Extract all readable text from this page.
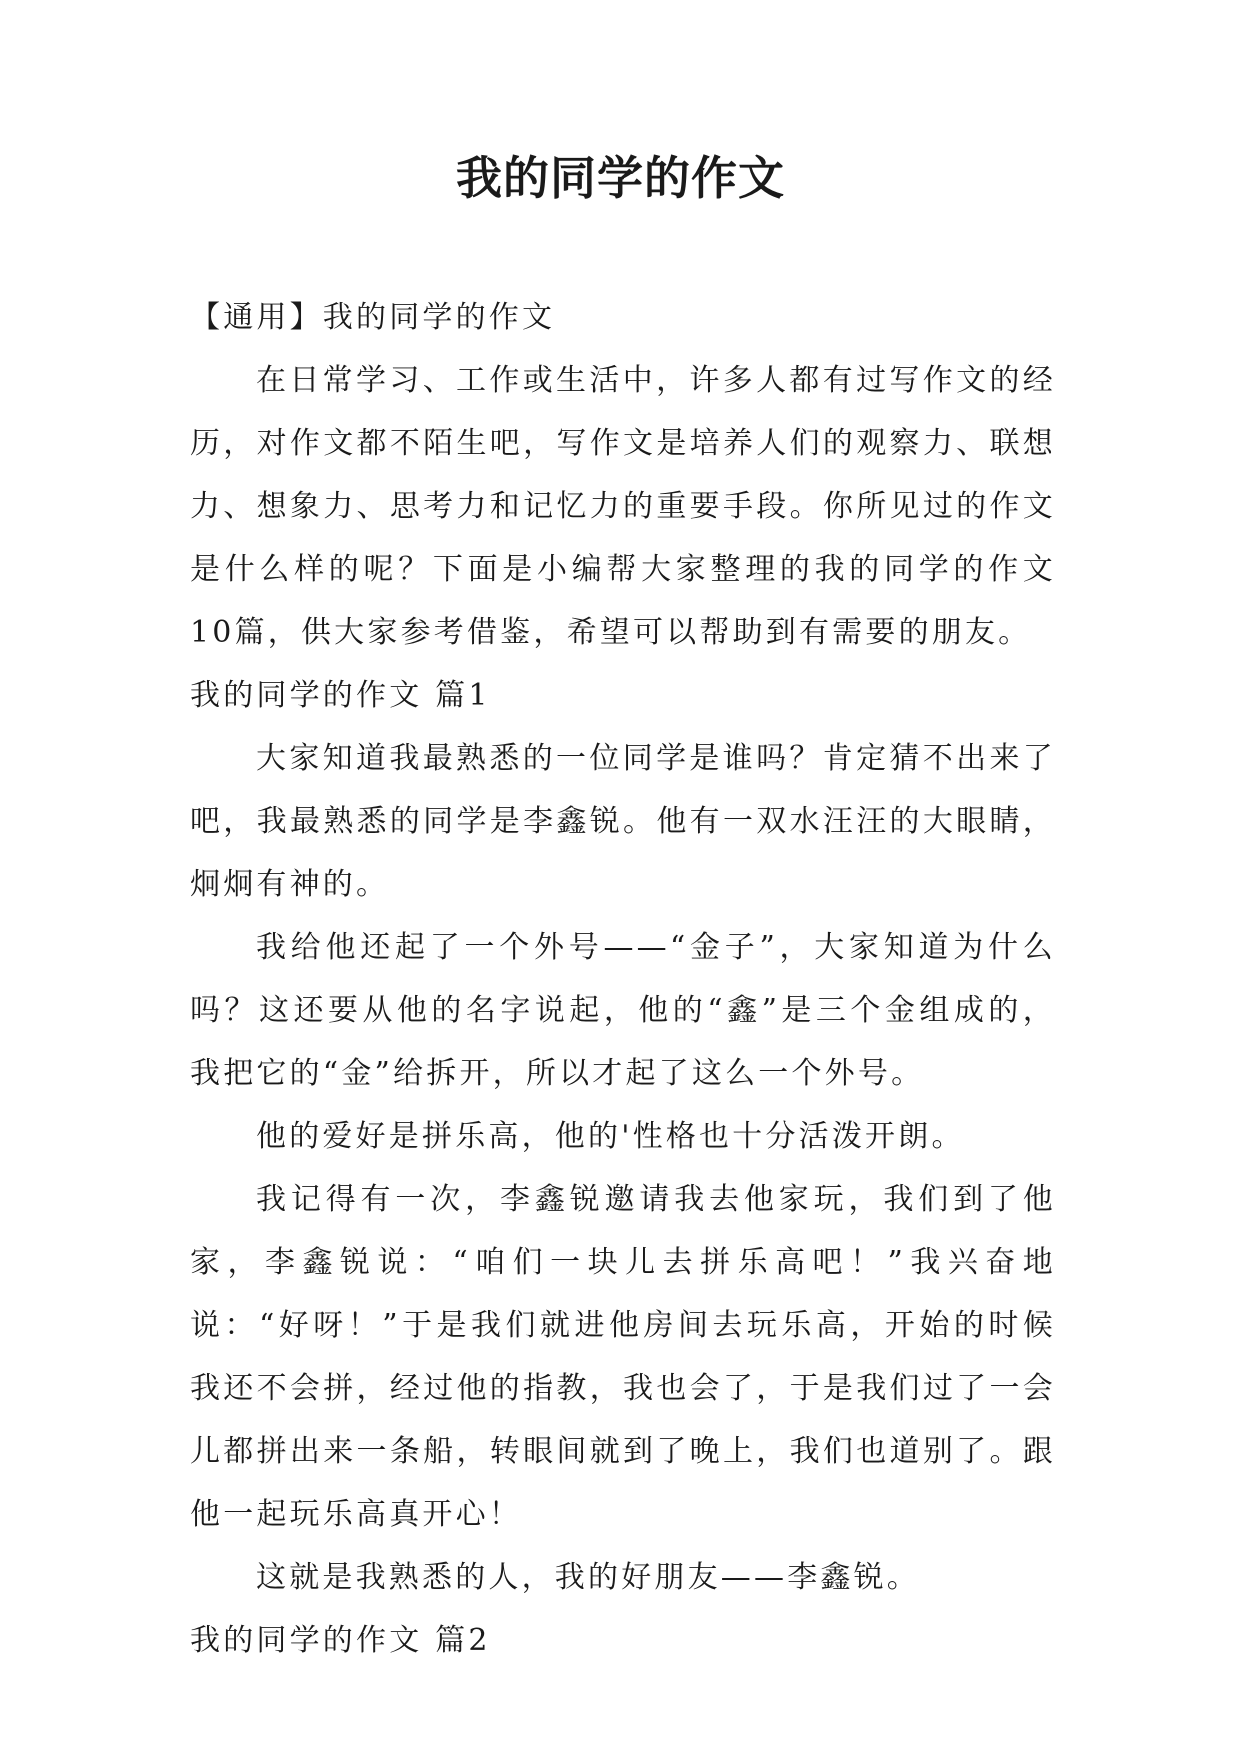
我的同学的作文

【通用】我的同学的作文

在日常学习、工作或生活中，许多人都有过写作文的经历，对作文都不陌生吧，写作文是培养人们的观察力、联想力、想象力、思考力和记忆力的重要手段。你所见过的作文是什么样的呢？下面是小编帮大家整理的我的同学的作文10篇，供大家参考借鉴，希望可以帮助到有需要的朋友。

我的同学的作文 篇1

大家知道我最熟悉的一位同学是谁吗？肯定猜不出来了吧，我最熟悉的同学是李鑫锐。他有一双水汪汪的大眼睛，炯炯有神的。

我给他还起了一个外号——“金子”，大家知道为什么吗？这还要从他的名字说起，他的“鑫”是三个金组成的，我把它的“金”给拆开，所以才起了这么一个外号。

他的爱好是拼乐高，他的'性格也十分活泼开朗。

我记得有一次，李鑫锐邀请我去他家玩，我们到了他家，李鑫锐说：“咱们一块儿去拼乐高吧！”我兴奋地说：“好呀！”于是我们就进他房间去玩乐高，开始的时候我还不会拼，经过他的指教，我也会了，于是我们过了一会儿都拼出来一条船，转眼间就到了晚上，我们也道别了。跟他一起玩乐高真开心！

这就是我熟悉的人，我的好朋友——李鑫锐。

我的同学的作文 篇2
